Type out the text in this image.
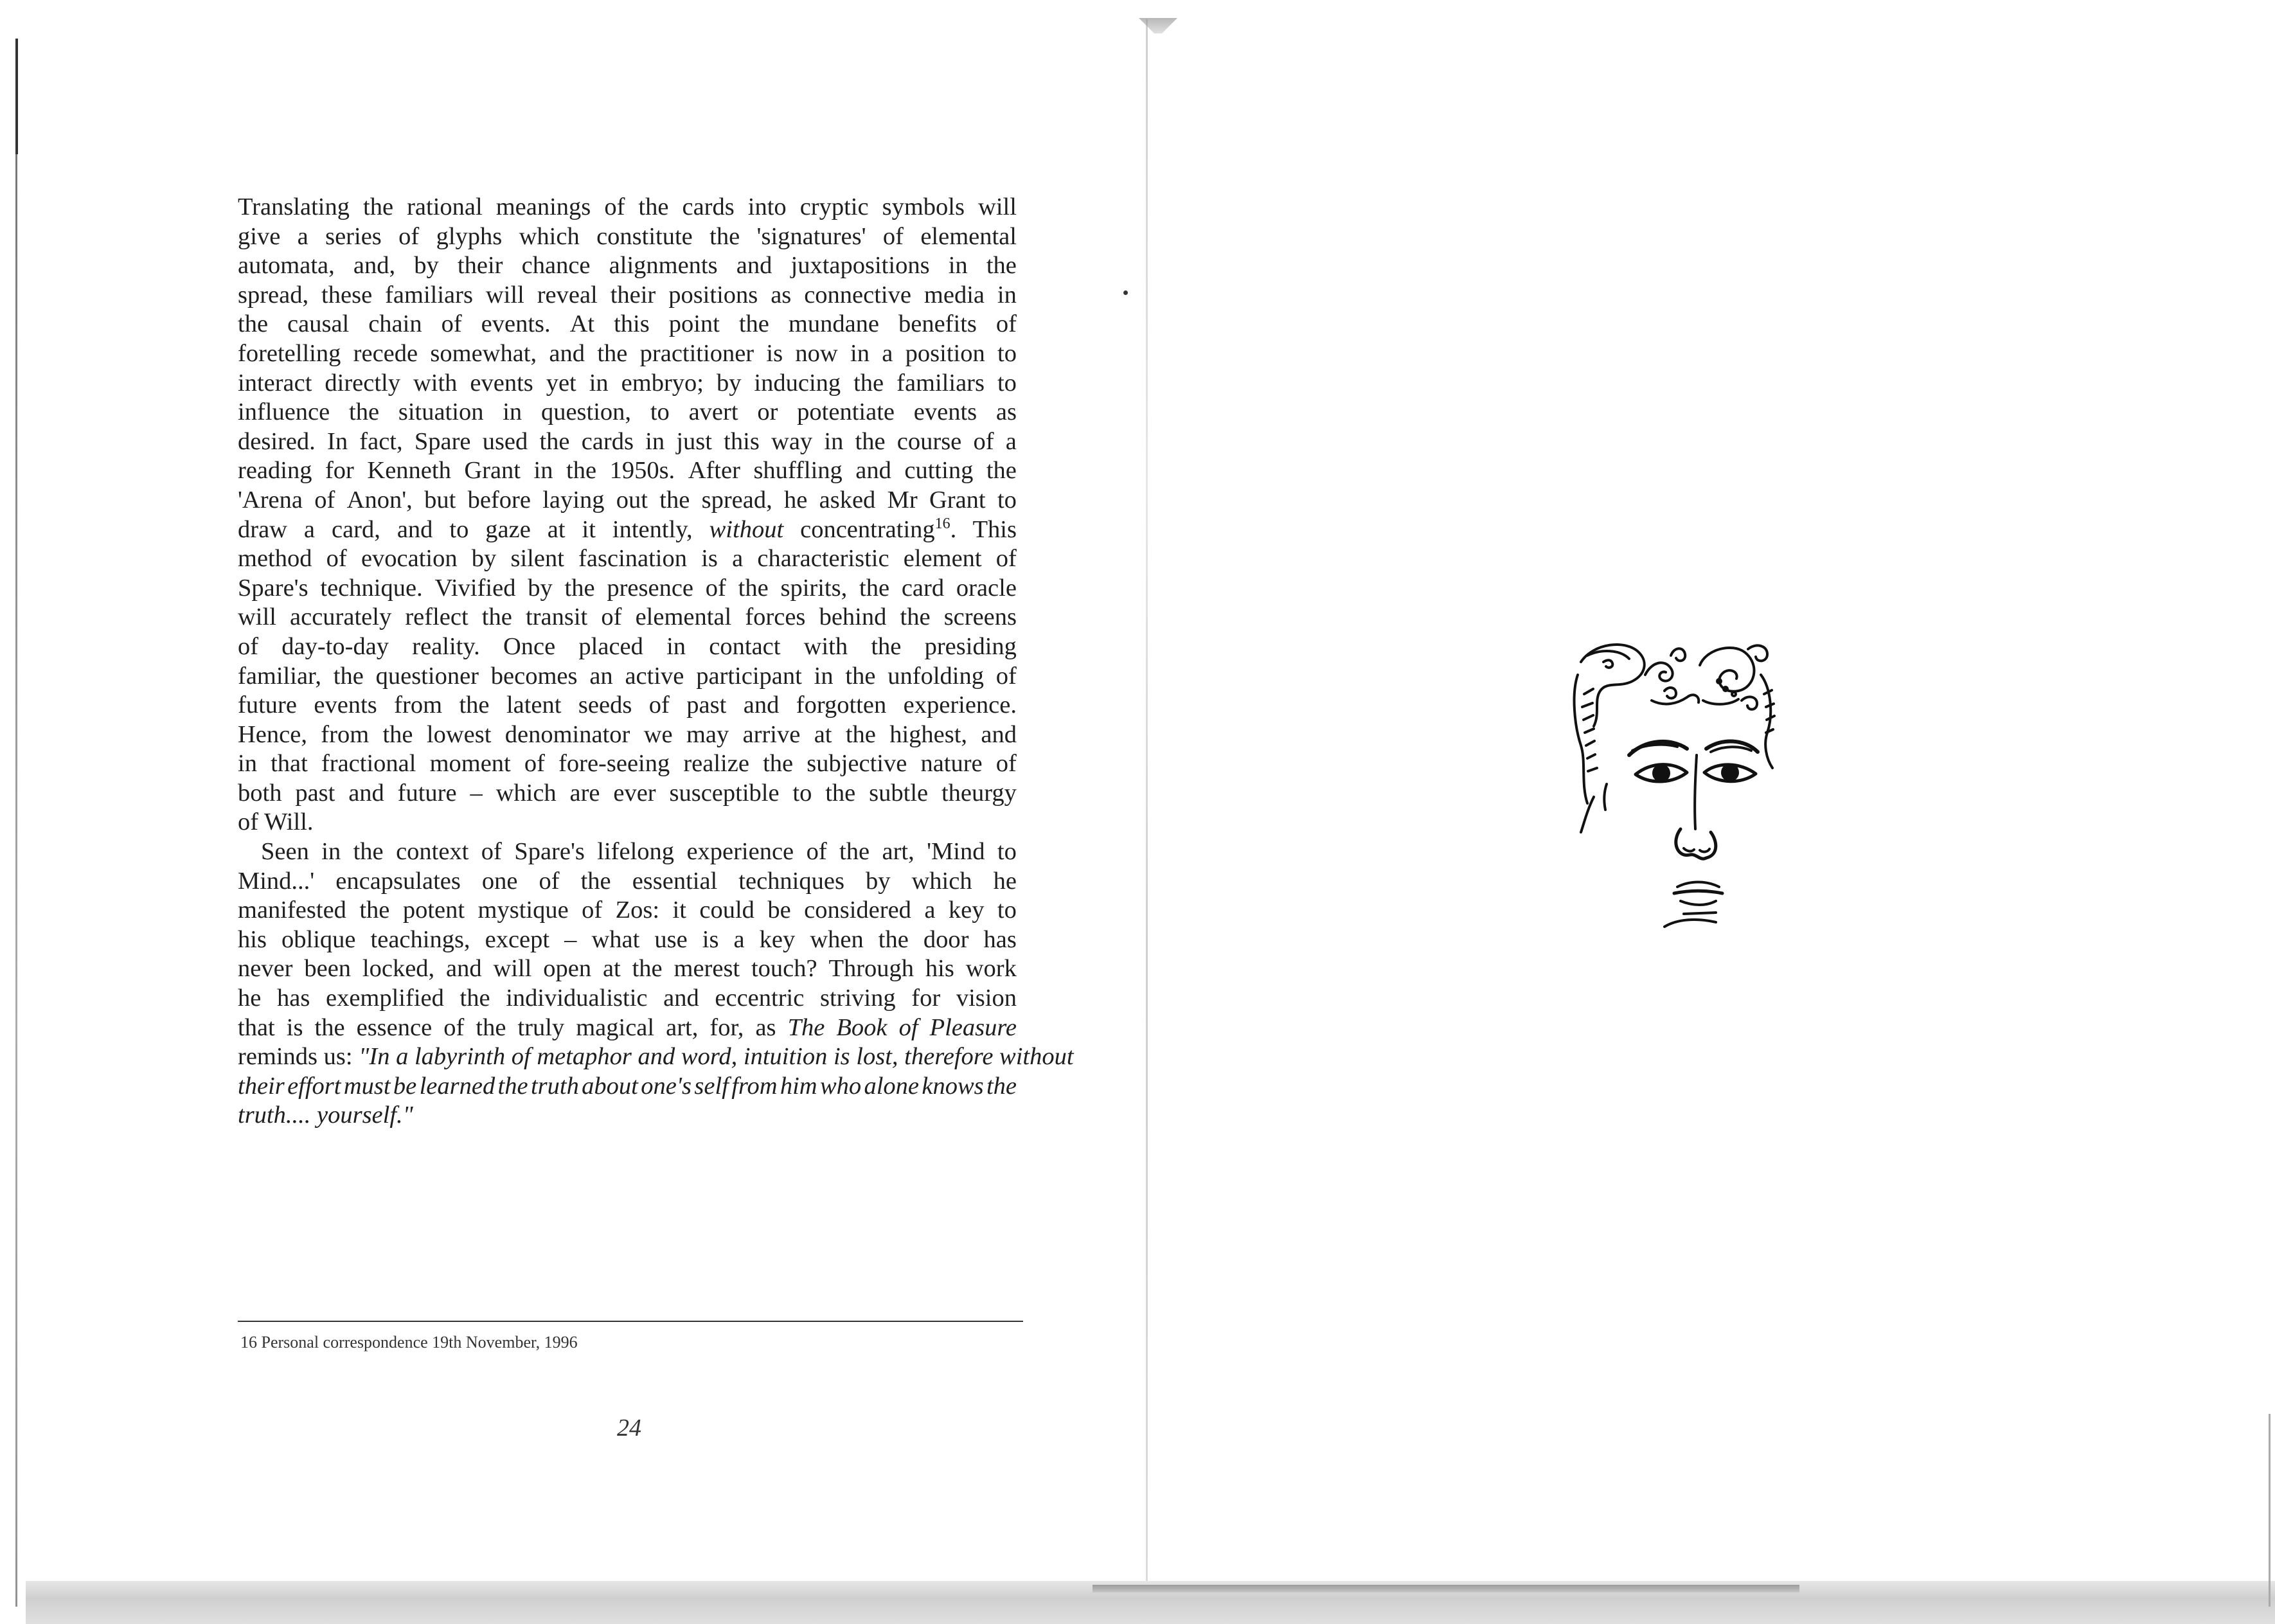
Translating the rational meanings of the cards into cryptic symbols will
give a series of glyphs which constitute the 'signatures' of elemental
automata, and, by their chance alignments and juxtapositions in the
spread, these familiars will reveal their positions as connective media in
the causal chain of events. At this point the mundane benefits of
foretelling recede somewhat, and the practitioner is now in a position to
interact directly with events yet in embryo; by inducing the familiars to
influence the situation in question, to avert or potentiate events as
desired. In fact, Spare used the cards in just this way in the course of a
reading for Kenneth Grant in the 1950s. After shuffling and cutting the
'Arena of Anon', but before laying out the spread, he asked Mr Grant to
draw a card, and to gaze at it intently, without concentrating$^{16}$. This
method of evocation by silent fascination is a characteristic element of
Spare's technique. Vivified by the presence of the spirits, the card oracle
will accurately reflect the transit of elemental forces behind the screens
of day-to-day reality. Once placed in contact with the presiding
familiar, the questioner becomes an active participant in the unfolding of
future events from the latent seeds of past and forgotten experience.
Hence, from the lowest denominator we may arrive at the highest, and
in that fractional moment of fore-seeing realize the subjective nature of
both past and future – which are ever susceptible to the subtle theurgy
of Will.
Seen in the context of Spare's lifelong experience of the art, 'Mind to
Mind...' encapsulates one of the essential techniques by which he
manifested the potent mystique of Zos: it could be considered a key to
his oblique teachings, except – what use is a key when the door has
never been locked, and will open at the merest touch? Through his work
he has exemplified the individualistic and eccentric striving for vision
that is the essence of the truly magical art, for, as The Book of Pleasure
reminds us: "In a labyrinth of metaphor and word, intuition is lost, therefore without
their effort must be learned the truth about one's self from him who alone knows the
truth.... yourself."
16 Personal correspondence 19th November, 1996
24
